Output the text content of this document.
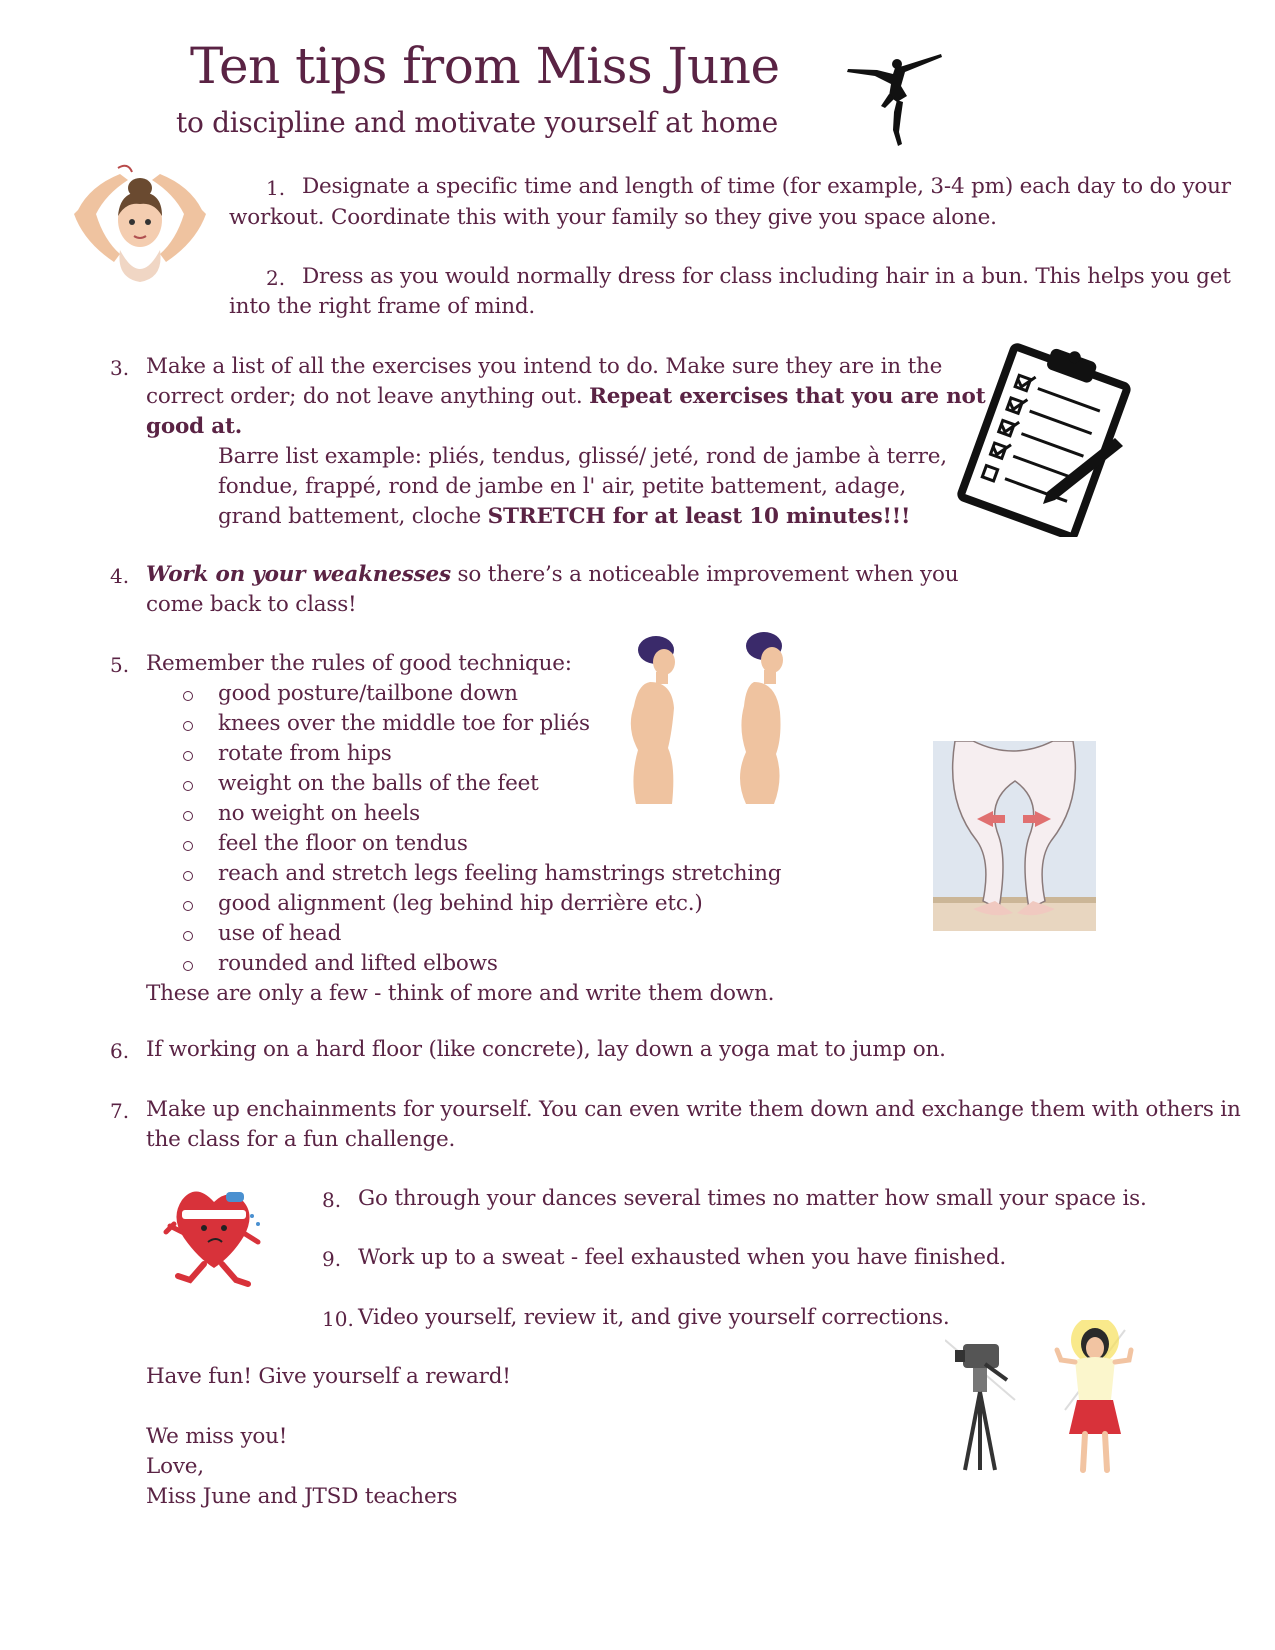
Ten tips from Miss June
to discipline and motivate yourself at home
1. Designate a specific time and length of time (for example, 3-4 pm) each day to do your
workout. Coordinate this with your family so they give you space alone.
2. Dress as you would normally dress for class including hair in a bun. This helps you get
into the right frame of mind.
3. Make a list of all the exercises you intend to do. Make sure they are in the
correct order; do not leave anything out. Repeat exercises that you are not
good at.
Barre list example: pliés, tendus, glissé/ jeté, rond de jambe à terre,
fondue, frappé, rond de jambe en l' air, petite battement, adage,
grand battement, cloche STRETCH for at least 10 minutes!!!
4. Work on your weaknesses so there’s a noticeable improvement when you
come back to class!
5. Remember the rules of good technique:
good posture/tailbone down
knees over the middle toe for pliés
rotate from hips
weight on the balls of the feet
no weight on heels
feel the floor on tendus
reach and stretch legs feeling hamstrings stretching
good alignment (leg behind hip derrière etc.)
use of head
rounded and lifted elbows
These are only a few - think of more and write them down.
6. If working on a hard floor (like concrete), lay down a yoga mat to jump on.
7. Make up enchainments for yourself. You can even write them down and exchange them with others in
the class for a fun challenge.
8. Go through your dances several times no matter how small your space is.
9. Work up to a sweat - feel exhausted when you have finished.
10. Video yourself, review it, and give yourself corrections.
Have fun! Give yourself a reward!
We miss you!
Love,
Miss June and JTSD teachers
